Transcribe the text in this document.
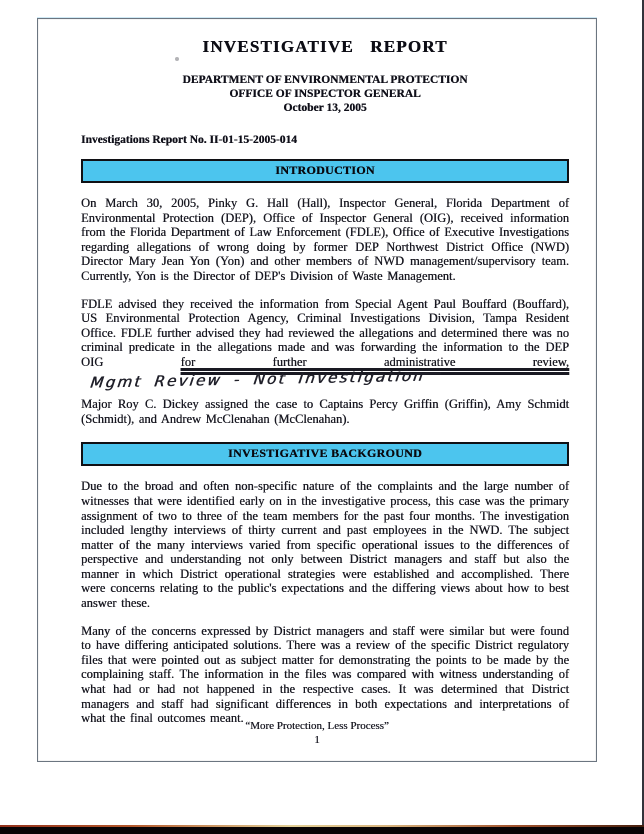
INVESTIGATIVE REPORT
DEPARTMENT OF ENVIRONMENTAL PROTECTION
OFFICE OF INSPECTOR GENERAL
October 13, 2005
Investigations Report No. II-01-15-2005-014
INTRODUCTION

On March 30, 2005, Pinky G. Hall (Hall), Inspector General, Florida Department of Environmental Protection (DEP), Office of Inspector General (OIG), received information from the Florida Department of Law Enforcement (FDLE), Office of Executive Investigations regarding allegations of wrong doing by former DEP Northwest District Office (NWD) Director Mary Jean Yon (Yon) and other members of NWD management/supervisory team. Currently, Yon is the Director of DEP's Division of Waste Management.

FDLE advised they received the information from Special Agent Paul Bouffard (Bouffard), US Environmental Protection Agency, Criminal Investigations Division, Tampa Resident Office. FDLE further advised they had reviewed the allegations and determined there was no criminal predicate in the allegations made and was forwarding the information to the DEP OIG for further administrative review,Mgmt Review - Not Investigation

Major Roy C. Dickey assigned the case to Captains Percy Griffin (Griffin), Amy Schmidt (Schmidt), and Andrew McClenahan (McClenahan).

INVESTIGATIVE BACKGROUND

Due to the broad and often non-specific nature of the complaints and the large number of witnesses that were identified early on in the investigative process, this case was the primary assignment of two to three of the team members for the past four months. The investigation included lengthy interviews of thirty current and past employees in the NWD. The subject matter of the many interviews varied from specific operational issues to the differences of perspective and understanding not only between District managers and staff but also the manner in which District operational strategies were established and accomplished. There were concerns relating to the public's expectations and the differing views about how to best answer these.

Many of the concerns expressed by District managers and staff were similar but were found to have differing anticipated solutions. There was a review of the specific District regulatory files that were pointed out as subject matter for demonstrating the points to be made by the complaining staff. The information in the files was compared with witness understanding of what had or had not happened in the respective cases. It was determined that District managers and staff had significant differences in both expectations and interpretations of what the final outcomes meant.

“More Protection, Less Process”
1
